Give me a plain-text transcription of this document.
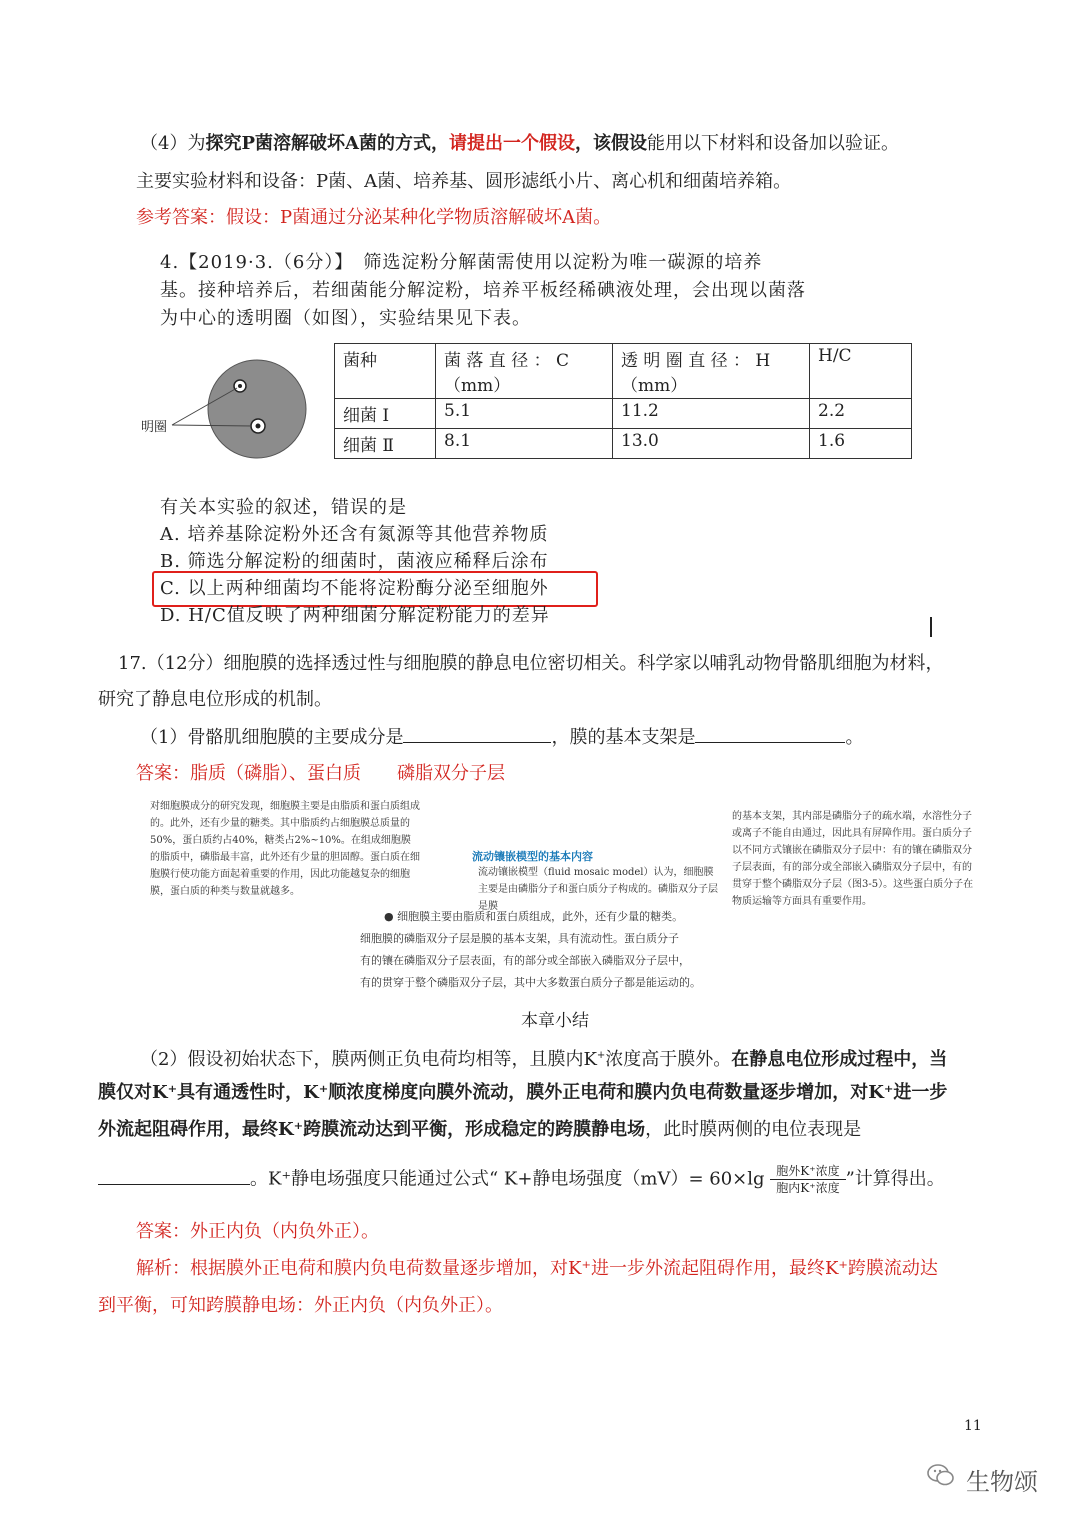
（4）为探究P菌溶解破坏A菌的方式，请提出一个假设，该假设能用以下材料和设备加以验证。
主要实验材料和设备：P菌、A菌、培养基、圆形滤纸小片、离心机和细菌培养箱。
参考答案：假设：P菌通过分泌某种化学物质溶解破坏A菌。
4.【2019·3.（6分）】　筛选淀粉分解菌需使用以淀粉为唯一碳源的培养
基。接种培养后，若细菌能分解淀粉，培养平板经稀碘液处理，会出现以菌落
为中心的透明圈（如图），实验结果见下表。
明圈
菌种	菌 落 直 径 ： C（mm）	透 明 圈 直 径 ： H（mm）	H/C
细菌 Ⅰ	5.1	11.2	2.2
细菌 Ⅱ	8.1	13.0	1.6
有关本实验的叙述，错误的是
A. 培养基除淀粉外还含有氮源等其他营养物质
B. 筛选分解淀粉的细菌时，菌液应稀释后涂布
C. 以上两种细菌均不能将淀粉酶分泌至细胞外
D. H/C值反映了两种细菌分解淀粉能力的差异
17.（12分）细胞膜的选择透过性与细胞膜的静息电位密切相关。科学家以哺乳动物骨骼肌细胞为材料，
研究了静息电位形成的机制。
（1）骨骼肌细胞膜的主要成分是	，膜的基本支架是	。
答案：脂质（磷脂）、蛋白质　　磷脂双分子层
对细胞膜成分的研究发现，细胞膜主要是由脂质和蛋白质组成的。此外，还有少量的糖类。其中脂质约占细胞膜总质量的50%，蛋白质约占40%，糖类占2%~10%。在组成细胞膜的脂质中，磷脂最丰富，此外还有少量的胆固醇。蛋白质在细胞膜行使功能方面起着重要的作用，因此功能越复杂的细胞膜，蛋白质的种类与数量就越多。
流动镶嵌模型的基本内容
流动镶嵌模型（fluid mosaic model）认为，细胞膜主要是由磷脂分子和蛋白质分子构成的。磷脂双分子层是膜
的基本支架，其内部是磷脂分子的疏水端，水溶性分子或离子不能自由通过，因此具有屏障作用。蛋白质分子以不同方式镶嵌在磷脂双分子层中：有的镶在磷脂双分子层表面，有的部分或全部嵌入磷脂双分子层中，有的贯穿于整个磷脂双分子层（图3-5）。这些蛋白质分子在物质运输等方面具有重要作用。
● 细胞膜主要由脂质和蛋白质组成，此外，还有少量的糖类。
细胞膜的磷脂双分子层是膜的基本支架，具有流动性。蛋白质分子
有的镶在磷脂双分子层表面，有的部分或全部嵌入磷脂双分子层中，
有的贯穿于整个磷脂双分子层，其中大多数蛋白质分子都是能运动的。
本章小结
（2）假设初始状态下，膜两侧正负电荷均相等，且膜内K+浓度高于膜外。在静息电位形成过程中，当
膜仅对K⁺具有通透性时，K⁺顺浓度梯度向膜外流动，膜外正电荷和膜内负电荷数量逐步增加，对K⁺进一步
外流起阻碍作用，最终K⁺跨膜流动达到平衡，形成稳定的跨膜静电场，此时膜两侧的电位表现是
。K⁺静电场强度只能通过公式“ K+静电场强度$(mV)= 60\times\lg \frac{\text{胞外K⁺浓度}}{\text{胞内K⁺浓度}}$ ”计算得出。
答案：外正内负（内负外正）。
解析：根据膜外正电荷和膜内负电荷数量逐步增加，对K⁺进一步外流起阻碍作用，最终K⁺跨膜流动达
到平衡，可知跨膜静电场：外正内负（内负外正）。
11
生物颂
